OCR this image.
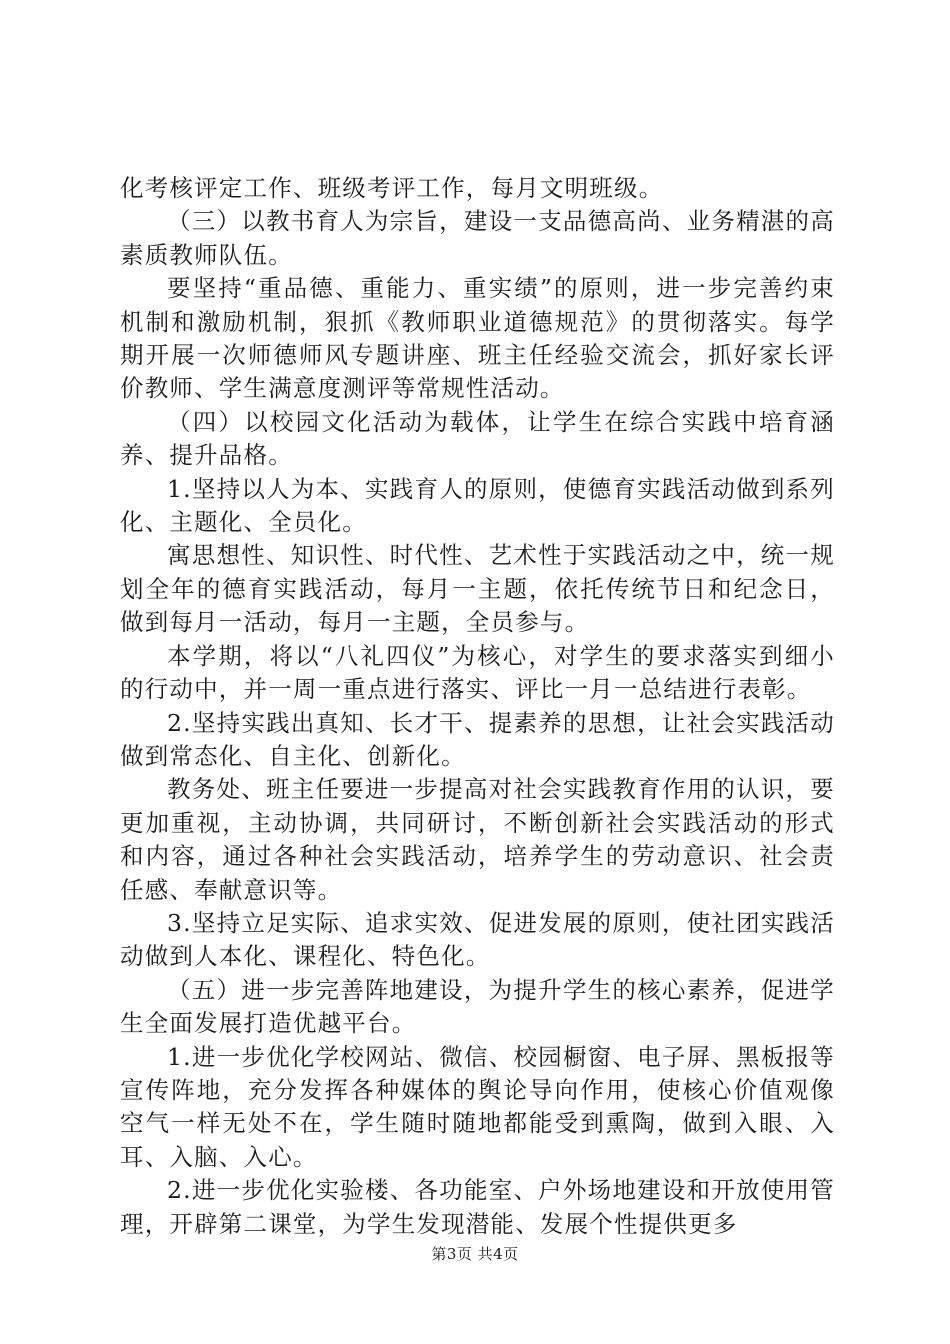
化考核评定工作、班级考评工作，每月文明班级。

（三）以教书育人为宗旨，建设一支品德高尚、业务精湛的高素质教师队伍。

要坚持“重品德、重能力、重实绩”的原则，进一步完善约束机制和激励机制，狠抓《教师职业道德规范》的贯彻落实。每学期开展一次师德师风专题讲座、班主任经验交流会，抓好家长评价教师、学生满意度测评等常规性活动。

（四）以校园文化活动为载体，让学生在综合实践中培育涵养、提升品格。

1.坚持以人为本、实践育人的原则，使德育实践活动做到系列化、主题化、全员化。

寓思想性、知识性、时代性、艺术性于实践活动之中，统一规划全年的德育实践活动，每月一主题，依托传统节日和纪念日，做到每月一活动，每月一主题，全员参与。

本学期，将以“八礼四仪”为核心，对学生的要求落实到细小的行动中，并一周一重点进行落实、评比一月一总结进行表彰。

2.坚持实践出真知、长才干、提素养的思想，让社会实践活动做到常态化、自主化、创新化。

教务处、班主任要进一步提高对社会实践教育作用的认识，要更加重视，主动协调，共同研讨，不断创新社会实践活动的形式和内容，通过各种社会实践活动，培养学生的劳动意识、社会责任感、奉献意识等。

3.坚持立足实际、追求实效、促进发展的原则，使社团实践活动做到人本化、课程化、特色化。

（五）进一步完善阵地建设，为提升学生的核心素养，促进学生全面发展打造优越平台。

1.进一步优化学校网站、微信、校园橱窗、电子屏、黑板报等宣传阵地，充分发挥各种媒体的舆论导向作用，使核心价值观像空气一样无处不在，学生随时随地都能受到熏陶，做到入眼、入耳、入脑、入心。

2.进一步优化实验楼、各功能室、户外场地建设和开放使用管理，开辟第二课堂，为学生发现潜能、发展个性提供更多

第3页 共4页
